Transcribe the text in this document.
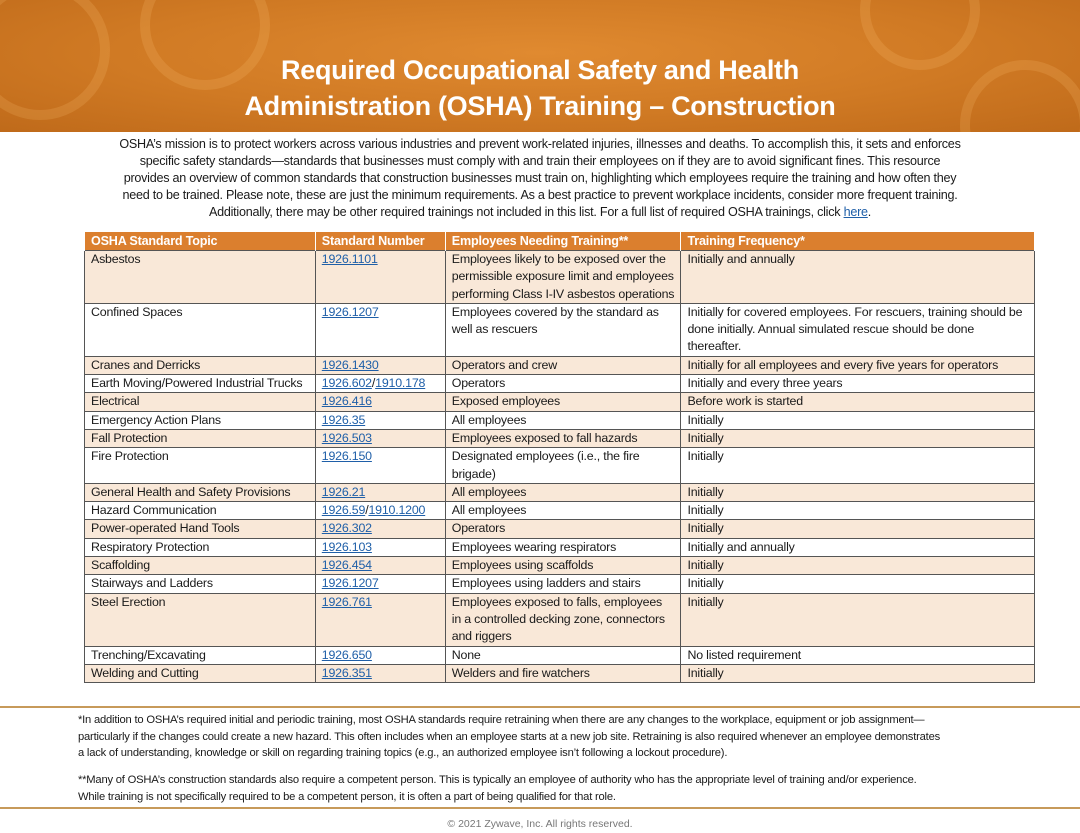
Required Occupational Safety and Health
Administration (OSHA) Training – Construction
OSHA’s mission is to protect workers across various industries and prevent work-related injuries, illnesses and deaths. To accomplish this, it sets and enforces
specific safety standards—standards that businesses must comply with and train their employees on if they are to avoid significant fines. This resource
provides an overview of common standards that construction businesses must train on, highlighting which employees require the training and how often they
need to be trained. Please note, these are just the minimum requirements. As a best practice to prevent workplace incidents, consider more frequent training.
Additionally, there may be other required trainings not included in this list. For a full list of required OSHA trainings, click here.
OSHA Standard Topic	Standard Number	Employees Needing Training**	Training Frequency*
Asbestos	1926.1101	Employees likely to be exposed over the permissible exposure limit and employees performing Class I-IV asbestos operations	Initially and annually
Confined Spaces	1926.1207	Employees covered by the standard as well as rescuers	Initially for covered employees. For rescuers, training should be done initially. Annual simulated rescue should be done thereafter.
Cranes and Derricks	1926.1430	Operators and crew	Initially for all employees and every five years for operators
Earth Moving/Powered Industrial Trucks	1926.602/1910.178	Operators	Initially and every three years
Electrical	1926.416	Exposed employees	Before work is started
Emergency Action Plans	1926.35	All employees	Initially
Fall Protection	1926.503	Employees exposed to fall hazards	Initially
Fire Protection	1926.150	Designated employees (i.e., the fire brigade)	Initially
General Health and Safety Provisions	1926.21	All employees	Initially
Hazard Communication	1926.59/1910.1200	All employees	Initially
Power-operated Hand Tools	1926.302	Operators	Initially
Respiratory Protection	1926.103	Employees wearing respirators	Initially and annually
Scaffolding	1926.454	Employees using scaffolds	Initially
Stairways and Ladders	1926.1207	Employees using ladders and stairs	Initially
Steel Erection	1926.761	Employees exposed to falls, employees in a controlled decking zone, connectors and riggers	Initially
Trenching/Excavating	1926.650	None	No listed requirement
Welding and Cutting	1926.351	Welders and fire watchers	Initially
*In addition to OSHA’s required initial and periodic training, most OSHA standards require retraining when there are any changes to the workplace, equipment or job assignment—
particularly if the changes could create a new hazard. This often includes when an employee starts at a new job site. Retraining is also required whenever an employee demonstrates
a lack of understanding, knowledge or skill on regarding training topics (e.g., an authorized employee isn’t following a lockout procedure).
**Many of OSHA’s construction standards also require a competent person. This is typically an employee of authority who has the appropriate level of training and/or experience.
While training is not specifically required to be a competent person, it is often a part of being qualified for that role.
© 2021 Zywave, Inc. All rights reserved.
